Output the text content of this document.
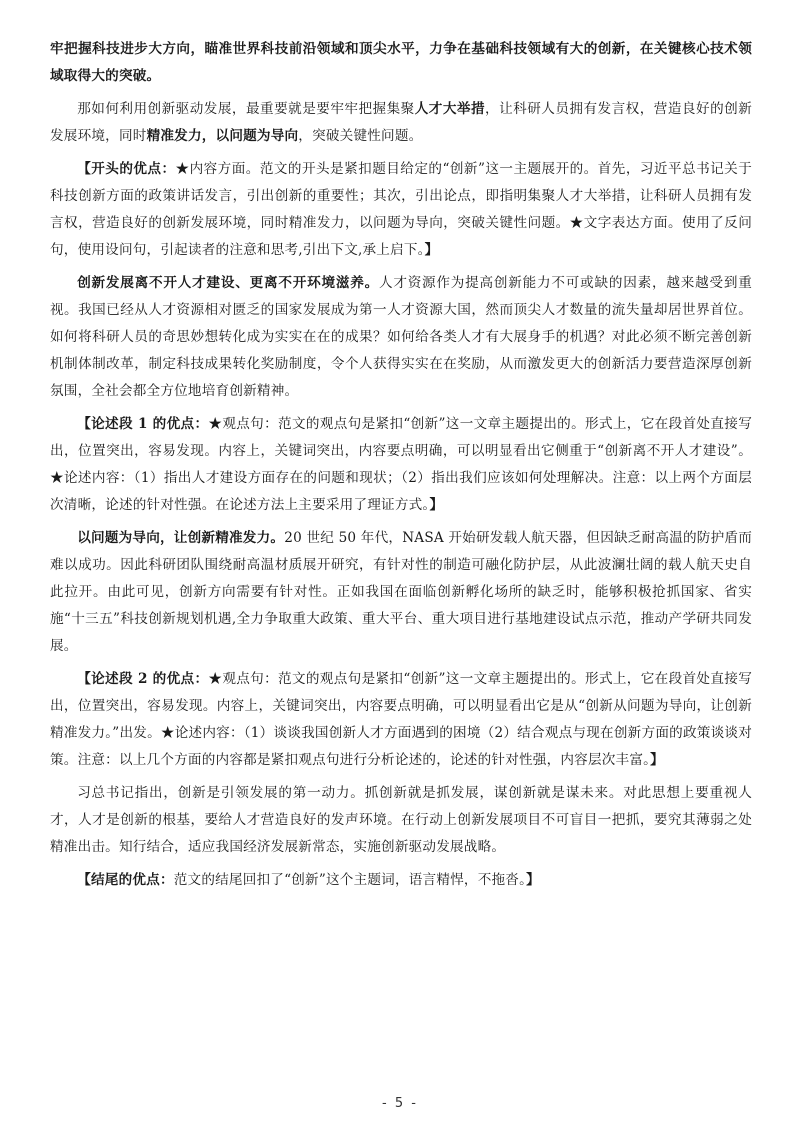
牢把握科技进步大方向，瞄准世界科技前沿领域和顶尖水平，力争在基础科技领域有大的创新，在关键核心技术领域取得大的突破。

那如何利用创新驱动发展，最重要就是要牢牢把握集聚人才大举措，让科研人员拥有发言权，营造良好的创新发展环境，同时精准发力，以问题为导向，突破关键性问题。

【开头的优点：★内容方面。范文的开头是紧扣题目给定的“创新”这一主题展开的。首先，习近平总书记关于科技创新方面的政策讲话发言，引出创新的重要性；其次，引出论点，即指明集聚人才大举措，让科研人员拥有发言权，营造良好的创新发展环境，同时精准发力，以问题为导向，突破关键性问题。★文字表达方面。使用了反问句，使用设问句，引起读者的注意和思考,引出下文,承上启下。】

创新发展离不开人才建设、更离不开环境滋养。人才资源作为提高创新能力不可或缺的因素，越来越受到重视。我国已经从人才资源相对匮乏的国家发展成为第一人才资源大国，然而顶尖人才数量的流失量却居世界首位。如何将科研人员的奇思妙想转化成为实实在在的成果？如何给各类人才有大展身手的机遇？对此必须不断完善创新机制体制改革，制定科技成果转化奖励制度，令个人获得实实在在奖励，从而激发更大的创新活力要营造深厚创新氛围，全社会都全方位地培育创新精神。

【论述段 1 的优点：★观点句：范文的观点句是紧扣“创新”这一文章主题提出的。形式上，它在段首处直接写出，位置突出，容易发现。内容上，关键词突出，内容要点明确，可以明显看出它侧重于“创新离不开人才建设”。★论述内容：（1）指出人才建设方面存在的问题和现状；（2）指出我们应该如何处理解决。注意：以上两个方面层次清晰，论述的针对性强。在论述方法上主要采用了理证方式。】

以问题为导向，让创新精准发力。20 世纪 50 年代，NASA 开始研发载人航天器，但因缺乏耐高温的防护盾而难以成功。因此科研团队围绕耐高温材质展开研究，有针对性的制造可融化防护层，从此波澜壮阔的载人航天史自此拉开。由此可见，创新方向需要有针对性。正如我国在面临创新孵化场所的缺乏时，能够积极抢抓国家、省实施“十三五”科技创新规划机遇,全力争取重大政策、重大平台、重大项目进行基地建设试点示范，推动产学研共同发展。

【论述段 2 的优点：★观点句：范文的观点句是紧扣“创新”这一文章主题提出的。形式上，它在段首处直接写出，位置突出，容易发现。内容上，关键词突出，内容要点明确，可以明显看出它是从“创新从问题为导向，让创新精准发力。”出发。★论述内容：（1）谈谈我国创新人才方面遇到的困境（2）结合观点与现在创新方面的政策谈谈对策。注意：以上几个方面的内容都是紧扣观点句进行分析论述的，论述的针对性强，内容层次丰富。】

习总书记指出，创新是引领发展的第一动力。抓创新就是抓发展，谋创新就是谋未来。对此思想上要重视人才，人才是创新的根基，要给人才营造良好的发声环境。在行动上创新发展项目不可盲目一把抓，要究其薄弱之处精准出击。知行结合，适应我国经济发展新常态，实施创新驱动发展战略。

【结尾的优点：范文的结尾回扣了“创新”这个主题词，语言精悍，不拖沓。】

- 5 -
